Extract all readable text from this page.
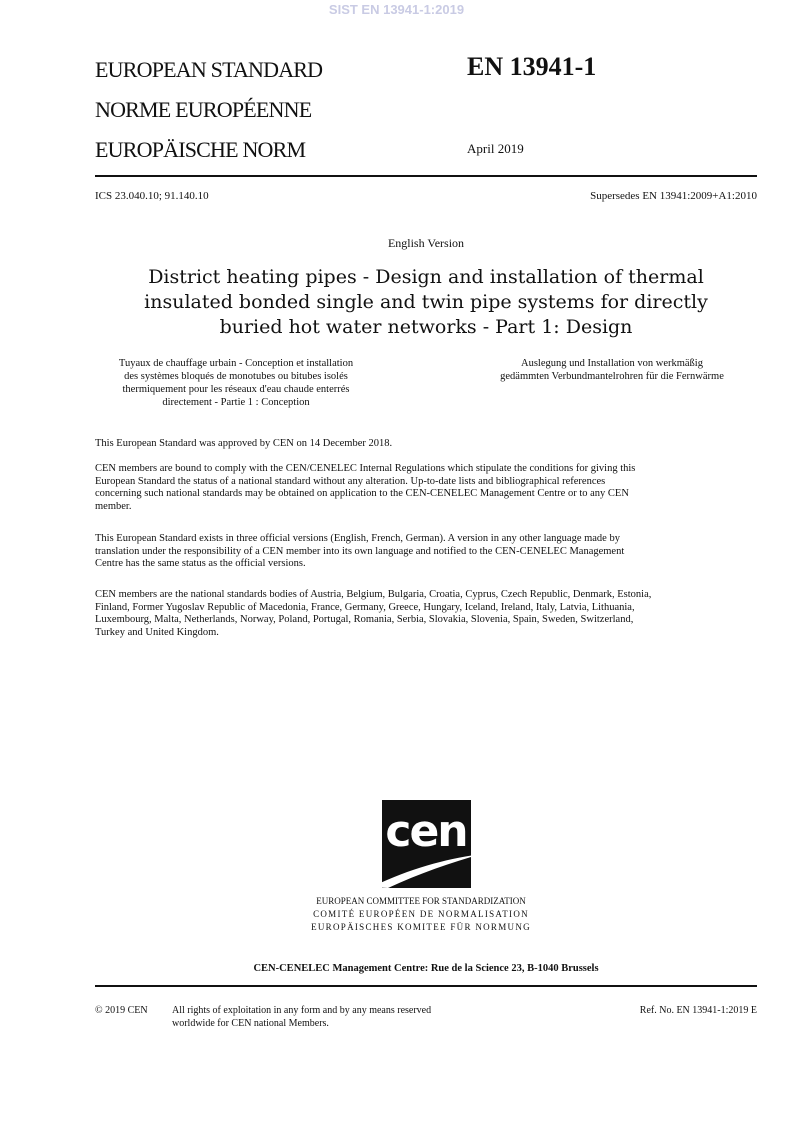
SIST EN 13941-1:2019
EUROPEAN STANDARD
NORME EUROPÉENNE
EUROPÄISCHE NORM
EN 13941-1
April 2019
ICS 23.040.10; 91.140.10	Supersedes EN 13941:2009+A1:2010
English Version
District heating pipes - Design and installation of thermal
insulated bonded single and twin pipe systems for directly
buried hot water networks - Part 1: Design
Tuyaux de chauffage urbain - Conception et installation
des systèmes bloqués de monotubes ou bitubes isolés
thermiquement pour les réseaux d'eau chaude enterrés
directement - Partie 1 : Conception
Auslegung und Installation von werkmäßig
gedämmten Verbundmantelrohren für die Fernwärme

This European Standard was approved by CEN on 14 December 2018.

CEN members are bound to comply with the CEN/CENELEC Internal Regulations which stipulate the conditions for giving this
European Standard the status of a national standard without any alteration. Up-to-date lists and bibliographical references
concerning such national standards may be obtained on application to the CEN-CENELEC Management Centre or to any CEN
member.
This European Standard exists in three official versions (English, French, German). A version in any other language made by
translation under the responsibility of a CEN member into its own language and notified to the CEN-CENELEC Management
Centre has the same status as the official versions.
CEN members are the national standards bodies of Austria, Belgium, Bulgaria, Croatia, Cyprus, Czech Republic, Denmark, Estonia,
Finland, Former Yugoslav Republic of Macedonia, France, Germany, Greece, Hungary, Iceland, Ireland, Italy, Latvia, Lithuania,
Luxembourg, Malta, Netherlands, Norway, Poland, Portugal, Romania, Serbia, Slovakia, Slovenia, Spain, Sweden, Switzerland,
Turkey and United Kingdom.
cen
EUROPEAN COMMITTEE FOR STANDARDIZATION
COMITÉ EUROPÉEN DE NORMALISATION
EUROPÄISCHES KOMITEE FÜR NORMUNG
CEN-CENELEC Management Centre: Rue de la Science 23, B-1040 Brussels
© 2019 CEN All rights of exploitation in any form and by any means reserved
worldwide for CEN national Members.
Ref. No. EN 13941-1:2019 E
